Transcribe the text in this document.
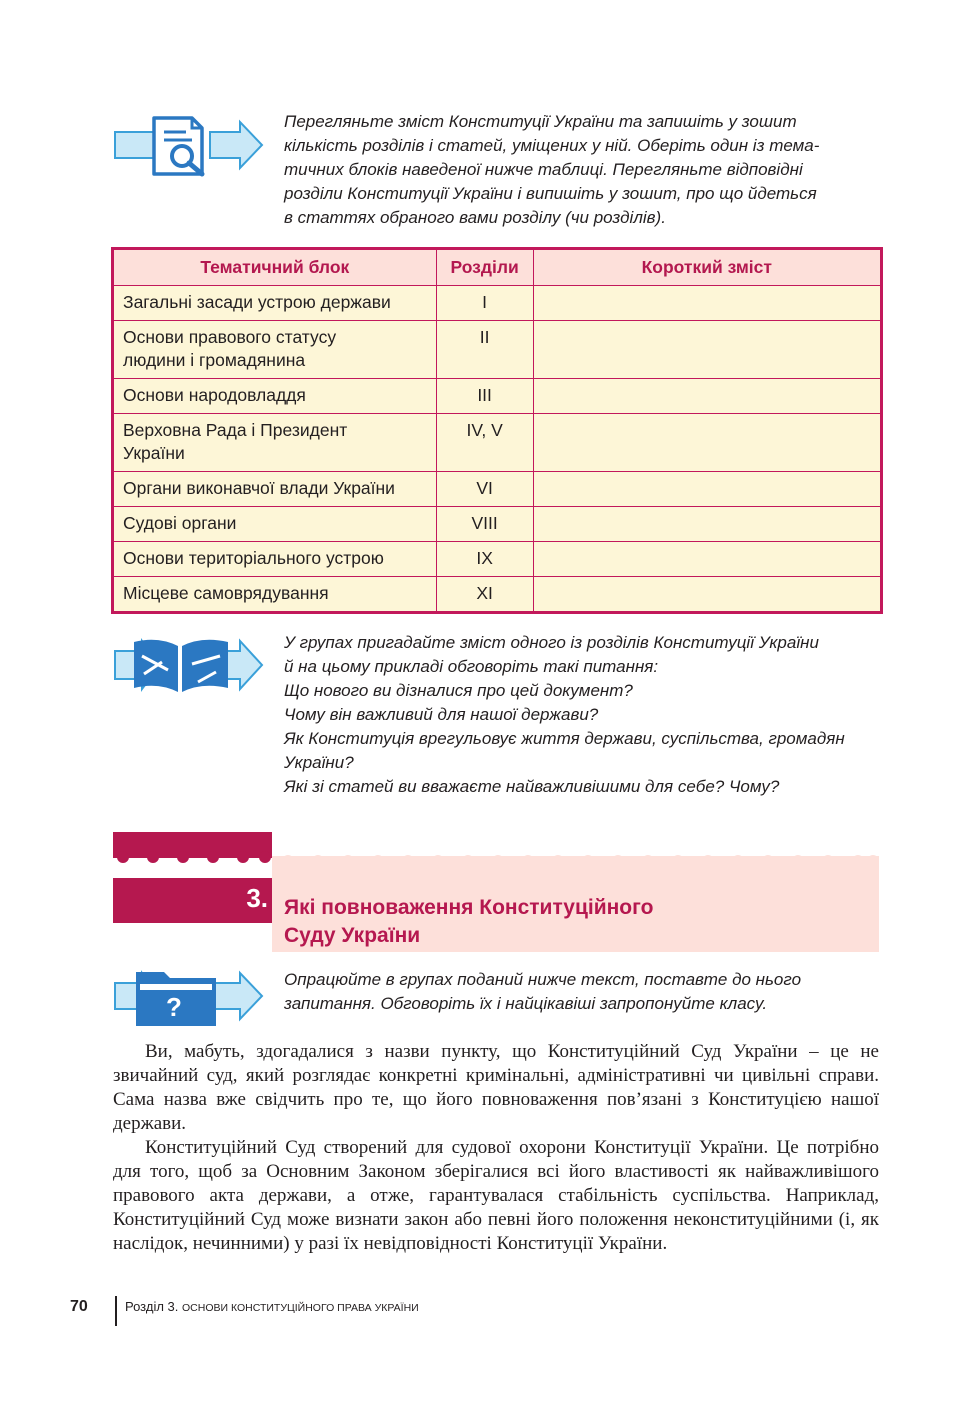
Перегляньте зміст Конституції України та запишіть у зошит

кількість розділів і статей, уміщених у ній. Оберіть один із тема-

тичних блоків наведеної нижче таблиці. Перегляньте відповідні

розділи Конституції України і випишіть у зошит, про що йдеться

в статтях обраного вами розділу (чи розділів).

Тематичний блок	Розділи	Короткий зміст
Загальні засади устрою держави	I	
Основи правового статусу людини і громадянина	II	
Основи народовладдя	III	
Верховна Рада і Президент України	IV, V	
Органи виконавчої влади України	VI	
Судові органи	VIII	
Основи територіального устрою	IX	
Місцеве самоврядування	XI	

У групах пригадайте зміст одного із розділів Конституції України

й на цьому прикладі обговоріть такі питання:

Що нового ви дізналися про цей документ?

Чому він важливий для нашої держави?

Як Конституція врегульовує життя держави, суспільства, громадян

України?

Які зі статей ви вважаєте найважливішими для себе? Чому?

3. Які повноваження Конституційного
Суду України
?

Опрацюйте в групах поданий нижче текст, поставте до нього

запитання. Обговоріть їх і найцікавіші запропонуйте класу.

Ви, мабуть, здогадалися з назви пункту, що Конституційний Суд України – це не звичайний суд, який розглядає конкретні кримінальні, адміністративні чи цивільні справи. Сама назва вже свідчить про те, що його повноваження пов’язані з Конституцією нашої держави.

Конституційний Суд створений для судової охорони Конституції України. Це потрібно для того, щоб за Основним Законом зберігалися всі його властивості як найважливішого правового акта держави, а отже, гарантувалася стабільність суспільства. Наприклад, Конституційний Суд може визнати закон або певні його положення неконституційними (і, як наслідок, нечинними) у разі їх невідповідності Конституції України.

70	Розділ 3. ОСНОВИ КОНСТИТУЦІЙНОГО ПРАВА УКРАЇНИ
